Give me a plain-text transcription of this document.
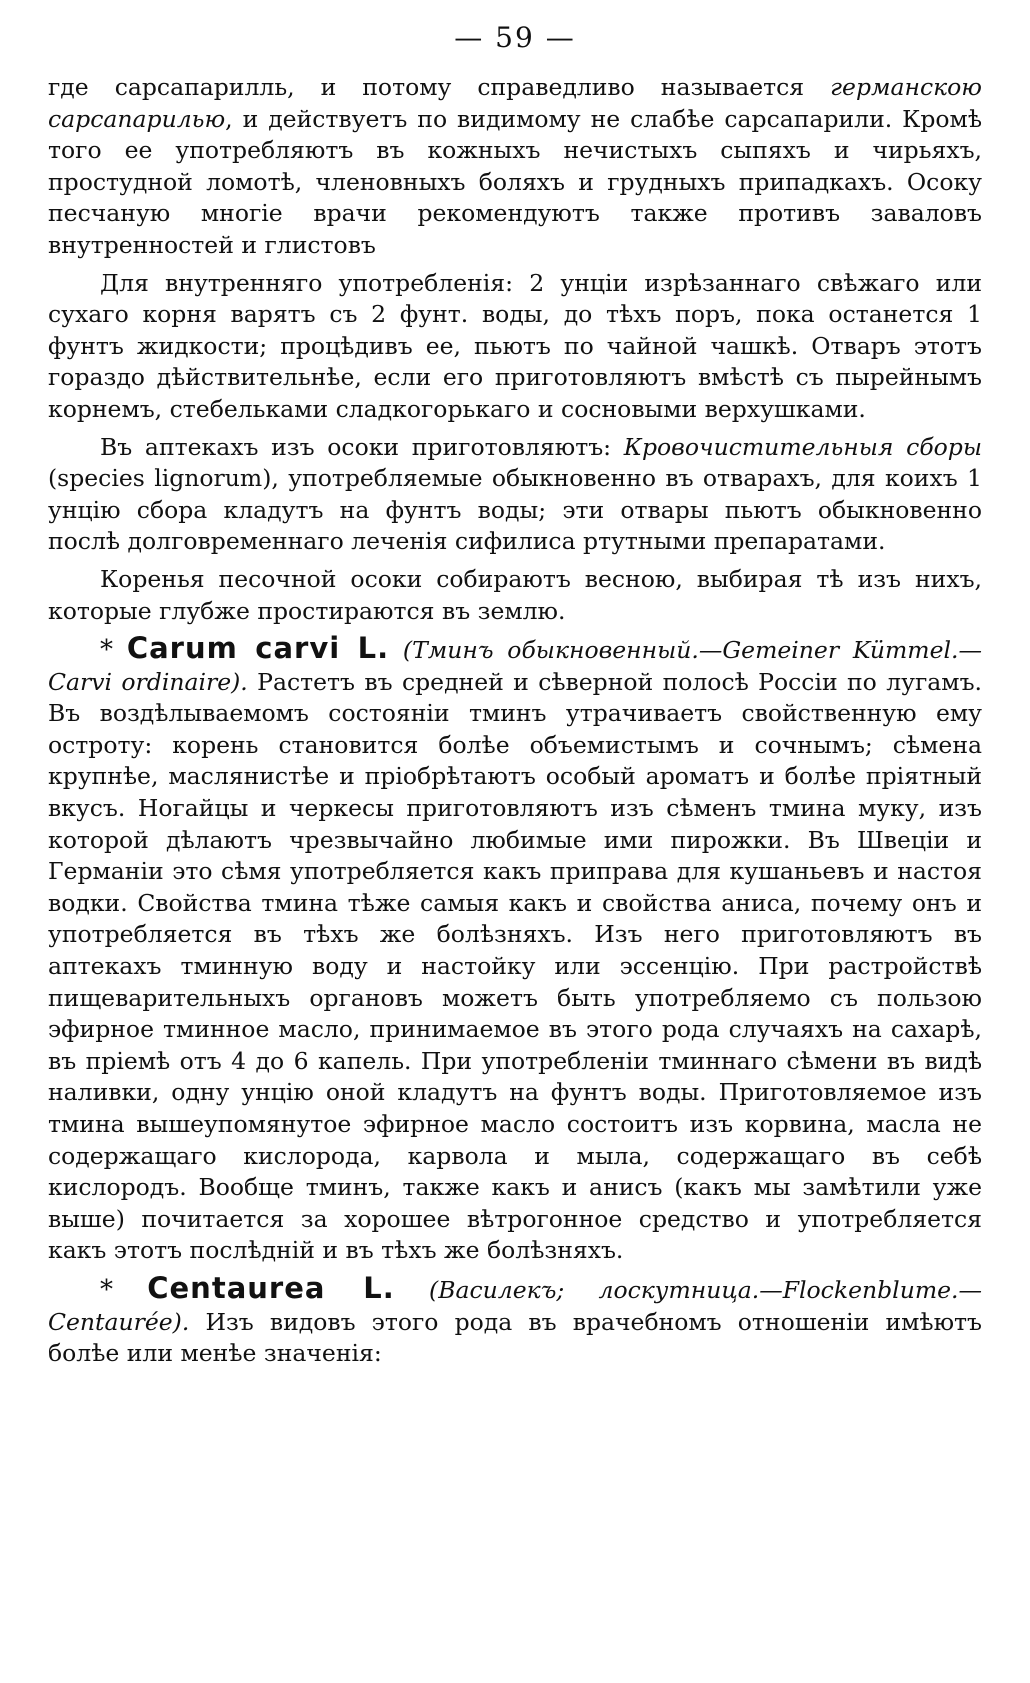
— 59 —

где сарсапарилль, и потому справедливо называется германскою сарсапарилью, и действуетъ по видимому не слабѣе сарсапарили. Кромѣ того ее употребляютъ въ кожныхъ нечистыхъ сыпяхъ и чирьяхъ, простудной ломотѣ, членовныхъ боляхъ и грудныхъ припадкахъ. Осоку песчаную многіе врачи рекомендуютъ также противъ заваловъ внутренностей и глистовъ

Для внутренняго употребленія: 2 унціи изрѣзаннаго свѣжаго или сухаго корня варятъ съ 2 фунт. воды, до тѣхъ поръ, пока останется 1 фунтъ жидкости; процѣдивъ ее, пьютъ по чайной чашкѣ. Отваръ этотъ гораздо дѣйствительнѣе, если его приготовляютъ вмѣстѣ съ пырейнымъ корнемъ, стебельками сладкогорькаго и сосновыми верхушками.

Въ аптекахъ изъ осоки приготовляютъ: Кровочистительныя сборы (species lignorum), употребляемые обыкновенно въ отварахъ, для коихъ 1 унцію сбора кладутъ на фунтъ воды; эти отвары пьютъ обыкновенно послѣ долговременнаго леченія сифилиса ртутными препаратами.

Коренья песочной осоки собираютъ весною, выбирая тѣ изъ нихъ, которые глубже простираются въ землю.

* Carum carvi L. (Тминъ обыкновенный.—Gemeiner Kümmel.—Carvi ordinaire). Растетъ въ средней и сѣверной полосѣ Россіи по лугамъ. Въ воздѣлываемомъ состояніи тминъ утрачиваетъ свойственную ему остроту: корень становится болѣе объемистымъ и сочнымъ; сѣмена крупнѣе, маслянистѣе и пріобрѣтаютъ особый ароматъ и болѣе пріятный вкусъ. Ногайцы и черкесы приготовляютъ изъ сѣменъ тмина муку, изъ которой дѣлаютъ чрезвычайно любимые ими пирожки. Въ Швеціи и Германіи это сѣмя употребляется какъ приправа для кушаньевъ и настоя водки. Свойства тмина тѣже самыя какъ и свойства аниса, почему онъ и употребляется въ тѣхъ же болѣзняхъ. Изъ него приготовляютъ въ аптекахъ тминную воду и настойку или эссенцію. При растройствѣ пищеварительныхъ органовъ можетъ быть употребляемо съ пользою эфирное тминное масло, принимаемое въ этого рода случаяхъ на сахарѣ, въ пріемѣ отъ 4 до 6 капель. При употребленіи тминнаго сѣмени въ видѣ наливки, одну унцію оной кладутъ на фунтъ воды. Приготовляемое изъ тмина вышеупомянутое эфирное масло состоитъ изъ корвина, масла не содержащаго кислорода, карвола и мыла, содержащаго въ себѣ кислородъ. Вообще тминъ, также какъ и анисъ (какъ мы замѣтили уже выше) почитается за хорошее вѣтрогонное средство и употребляется какъ этотъ послѣдній и въ тѣхъ же болѣзняхъ.

* Centaurea L. (Василекъ; лоскутница.—Flockenblume.—Centaurée). Изъ видовъ этого рода въ врачебномъ отношеніи имѣютъ болѣе или менѣе значенія:
